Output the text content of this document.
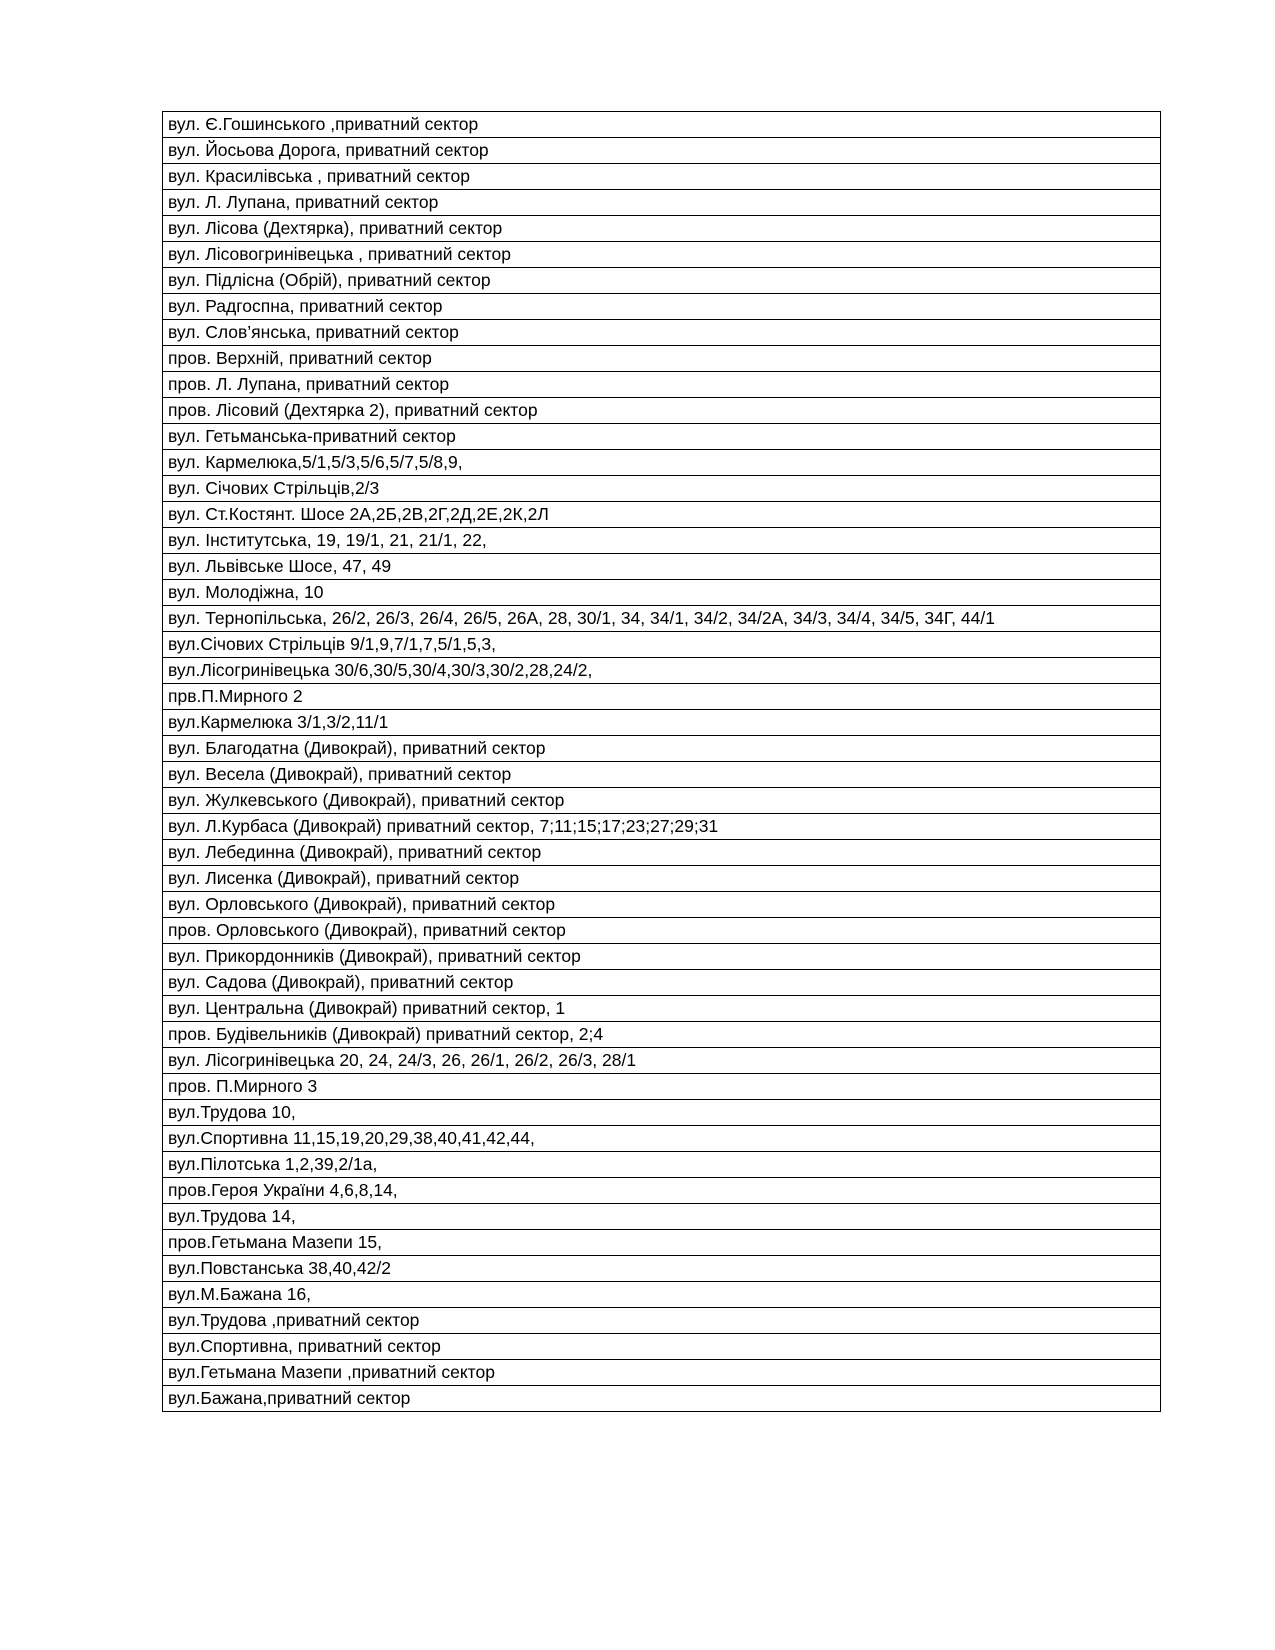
вул. Є.Гошинського ,приватний сектор
вул. Йосьова Дорога, приватний сектор
вул. Красилівська , приватний сектор
вул. Л. Лупана, приватний сектор
вул. Лісова (Дехтярка), приватний сектор
вул. Лісовогринівецька , приватний сектор
вул. Підлісна (Обрій), приватний сектор
вул. Радгоспна, приватний сектор
вул. Слов’янська, приватний сектор
пров. Верхній, приватний сектор
пров. Л. Лупана, приватний сектор
пров. Лісовий (Дехтярка 2), приватний сектор
вул. Гетьманська-приватний сектор
вул. Кармелюка,5/1,5/3,5/6,5/7,5/8,9,
вул. Січових Стрільців,2/3
вул. Ст.Костянт. Шосе 2А,2Б,2В,2Г,2Д,2Е,2К,2Л
вул. Інститутська, 19, 19/1, 21, 21/1, 22,
вул. Львівське Шосе, 47, 49
вул. Молодіжна, 10
вул. Тернопільська, 26/2, 26/3, 26/4, 26/5, 26А, 28, 30/1, 34, 34/1, 34/2, 34/2А, 34/3, 34/4, 34/5, 34Г, 44/1
вул.Січових Стрільців 9/1,9,7/1,7,5/1,5,3,
вул.Лісогринівецька 30/6,30/5,30/4,30/3,30/2,28,24/2,
прв.П.Мирного 2
вул.Кармелюка 3/1,3/2,11/1
вул. Благодатна (Дивокрай), приватний сектор
вул. Весела (Дивокрай), приватний сектор
вул. Жулкевського (Дивокрай), приватний сектор
вул. Л.Курбаса (Дивокрай) приватний сектор, 7;11;15;17;23;27;29;31
вул. Лебединна (Дивокрай), приватний сектор
вул. Лисенка (Дивокрай), приватний сектор
вул. Орловського (Дивокрай), приватний сектор
пров. Орловського (Дивокрай), приватний сектор
вул. Прикордонників (Дивокрай), приватний сектор
вул. Садова (Дивокрай), приватний сектор
вул. Центральна (Дивокрай) приватний сектор, 1
пров. Будівельників (Дивокрай) приватний сектор, 2;4
вул. Лісогринівецька 20, 24, 24/3, 26, 26/1, 26/2, 26/3, 28/1
пров. П.Мирного 3
вул.Трудова 10,
вул.Спортивна 11,15,19,20,29,38,40,41,42,44,
вул.Пілотська 1,2,39,2/1а,
пров.Героя України 4,6,8,14,
вул.Трудова 14,
пров.Гетьмана Мазепи 15,
вул.Повстанська 38,40,42/2
вул.М.Бажана 16,
вул.Трудова ,приватний сектор
вул.Спортивна, приватний сектор
вул.Гетьмана Мазепи ,приватний сектор
вул.Бажана,приватний сектор
